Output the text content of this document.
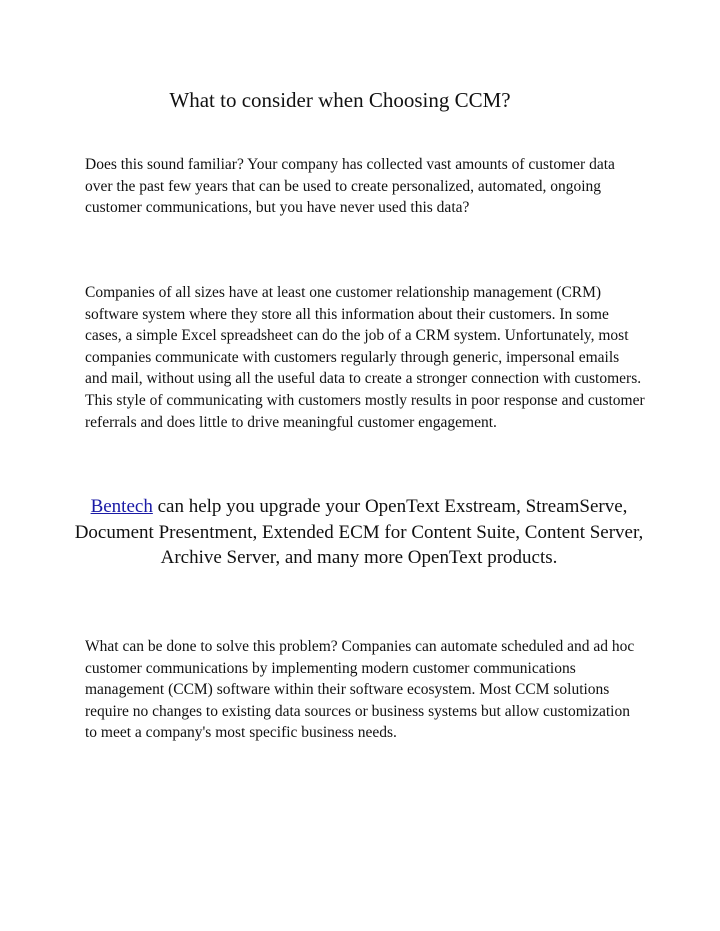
What to consider when Choosing CCM?

Does this sound familiar? Your company has collected vast amounts of customer data over the past few years that can be used to create personalized, automated, ongoing customer communications, but you have never used this data?

Companies of all sizes have at least one customer relationship management (CRM) software system where they store all this information about their customers. In some cases, a simple Excel spreadsheet can do the job of a CRM system. Unfortunately, most companies communicate with customers regularly through generic, impersonal emails and mail, without using all the useful data to create a stronger connection with customers. This style of communicating with customers mostly results in poor response and customer referrals and does little to drive meaningful customer engagement.

Bentech can help you upgrade your OpenText Exstream, StreamServe, Document Presentment, Extended ECM for Content Suite, Content Server, Archive Server, and many more OpenText products.

What can be done to solve this problem? Companies can automate scheduled and ad hoc customer communications by implementing modern customer communications management (CCM) software within their software ecosystem. Most CCM solutions require no changes to existing data sources or business systems but allow customization to meet a company's most specific business needs.
